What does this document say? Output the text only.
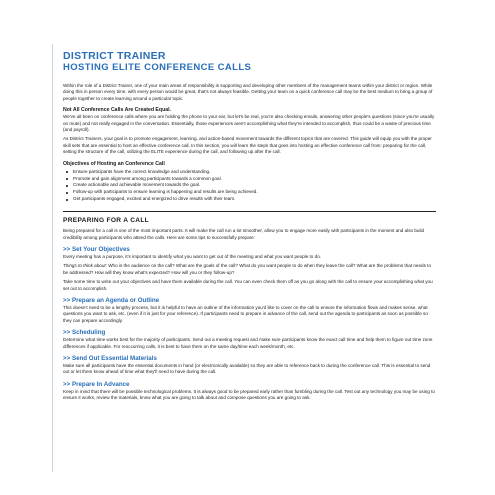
DISTRICT TRAINER
HOSTING ELITE CONFERENCE CALLS

Within the role of a District Trainer, one of your main areas of responsibility is supporting and developing other members of the management teams within your district or region. While doing this in person every time, with every person would be great, that's not always feasible. Getting your team on a quick conference call may be the best medium to bring a group of people together to create learning around a particular topic.

Not All Conference Calls Are Created Equal.

We've all been on conference calls where you are holding the phone to your ear, but let's be real, you're also checking emails, answering other people's questions (since you're usually on mute) and not really engaged in the conversation. Essentially, those experiences aren't accomplishing what they're intended to accomplish, thus could be a waste of precious time (and payroll).

As District Trainers, your goal is to promote engagement, learning, and action-based movement towards the different topics that are covered. This guide will equip you with the proper skill sets that are essential to host an effective conference call. In this section, you will learn the steps that goes into hosting an effective conference call from: preparing for the call, setting the structure of the call, utilizing the ELITE experience during the call, and following up after the call.

Objectives of Hosting an Conference Call
Ensure participants have the correct knowledge and understanding.
Promote and gain alignment among participants towards a common goal.
Create actionable and achievable movement towards the goal.
Follow-up with participants to ensure learning is happening and results are being achieved.
Get participants engaged, excited and energized to drive results with their team.
PREPARING FOR A CALL

Being prepared for a call is one of the most important parts. It will make the call run a lot smoother, allow you to engage more easily with participants in the moment and also build credibility among participants who attend the calls. Here are some tips to successfully prepare:

>> Set Your Objectives

Every meeting has a purpose, it's important to identify what you want to get out of the meeting and what you want people to do.

Things to think about: Who is the audience on the call? What are the goals of the call? What do you want people to do when they leave the call? What are the problems that needs to be addressed? How will they know what's expected? How will you or they follow-up?

Take some time to write out your objectives and have them available during the call. You can even check them off as you go along with the call to ensure your accomplishing what you set out to accomplish.

>> Prepare an Agenda or Outline

This doesn't need to be a lengthy process, but it is helpful to have an outline of the information you'd like to cover on the call to ensure the information flows and makes sense, what questions you want to ask, etc. (even if it is just for your reference). If participants need to prepare in advance of the call, send out the agenda to participants as soon as possible so they can prepare accordingly.

>> Scheduling

Determine what time works best for the majority of participants. Send out a meeting request and make sure participants know the exact call time and help them to figure out time zone differences if applicable. For reoccurring calls, it is best to have them on the same day/time each week/month, etc.

>> Send Out Essential Materials

Make sure all participants have the essential documents in hand (or electronically available) so they are able to reference back to during the conference call. This is essential to send out or let them know ahead of time what they'll need to have during the call.

>> Prepare In Advance

Keep in mind that there will be possible technological problems. It is always good to be prepared early rather than fumbling during the call. Test out any technology you may be using to ensure it works, review the materials, know what you are going to talk about and compose questions you are going to ask.
